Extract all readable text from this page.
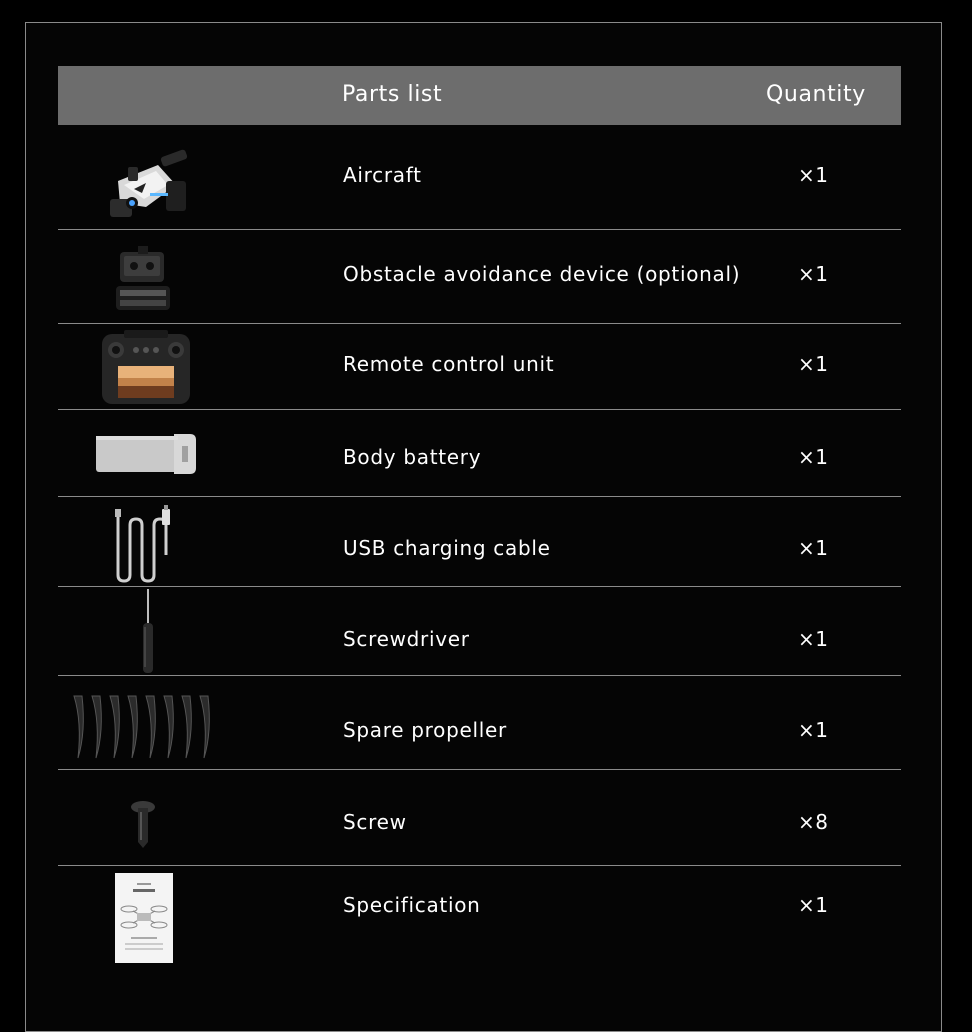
Parts list	Quantity
Aircraft	×1
Obstacle avoidance device (optional)	×1
Remote control unit	×1
Body battery	×1
USB charging cable	×1
Screwdriver	×1
Spare propeller	×1
Screw	×8
Specification	×1
